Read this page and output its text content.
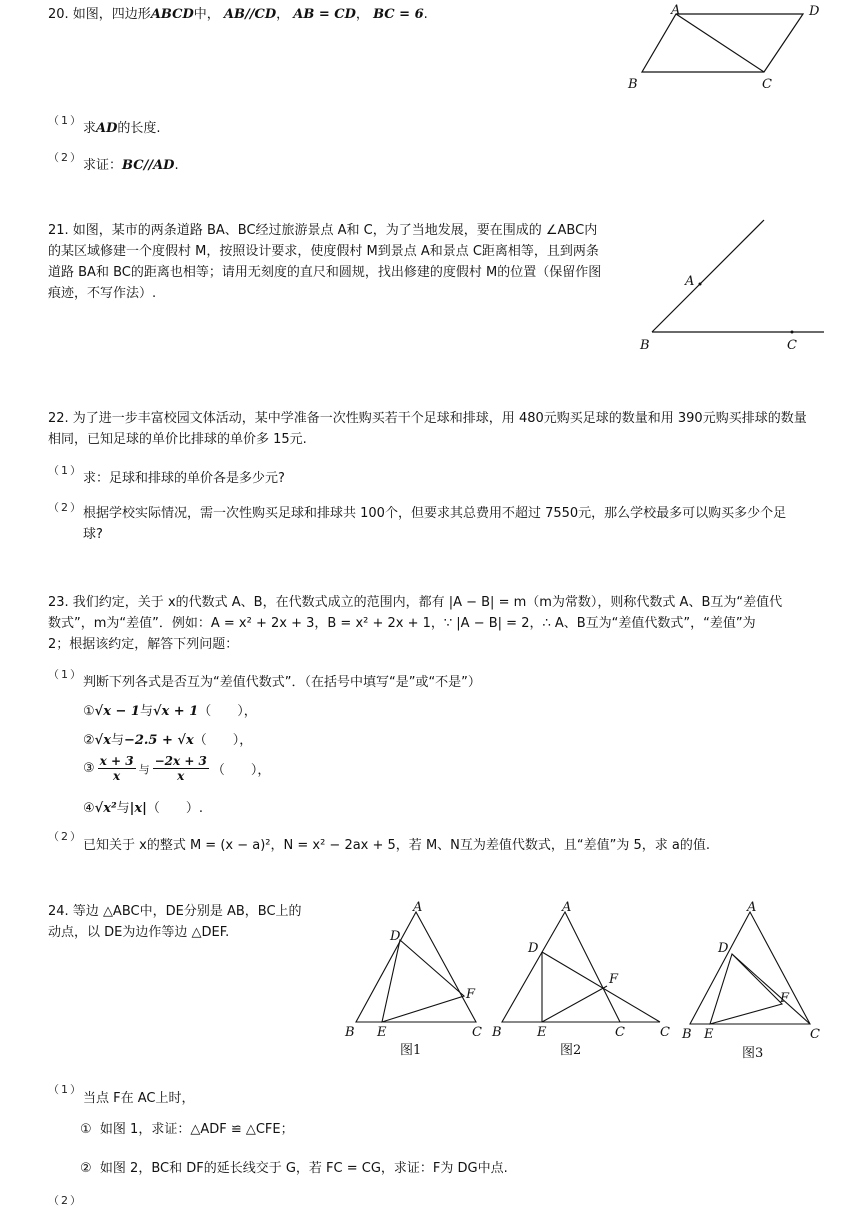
20. 如图，四边形ABCD中， AB//CD， AB = CD， BC = 6.	A	D
B	C
（1）
求AD的长度.
（2）
求证：BC//AD.
21. 如图，某市的两条道路 BA、BC经过旅游景点 A和 C，为了当地发展，要在围成的 ∠ABC内
的某区域修建一个度假村 M，按照设计要求，使度假村 M到景点 A和景点 C距离相等，且到两条
道路 BA和 BC的距离也相等；请用无刻度的直尺和圆规，找出修建的度假村 M的位置（保留作图
痕迹，不写作法）.
A
B	C
22. 为了进一步丰富校园文体活动，某中学准备一次性购买若干个足球和排球，用 480元购买足球的数量和用 390元购买排球的数量
相同，已知足球的单价比排球的单价多 15元.
（1）
求：足球和排球的单价各是多少元?
（2） 根据学校实际情况，需一次性购买足球和排球共 100个，但要求其总费用不超过 7550元，那么学校最多可以购买多少个足
球?
23. 我们约定，关于 x的代数式 A、B，在代数式成立的范围内，都有 |A − B| = m（m为常数），则称代数式 A、B互为“差值代
数式”，m为“差值”．例如：A = x² + 2x + 3，B = x² + 2x + 1，∵ |A − B| = 2，∴ A、B互为“差值代数式”，“差值”为
2；根据该约定，解答下列问题：
（1）
判断下列各式是否互为“差值代数式”．（在括号中填写“是”或“不是”）
①√x − 1与√x + 1（　　），
②√x与−2.5 + √x（　　），
③ x + 3
x 与
−2x + 3
x （　　），
④√x²与|x|（　　）.
（2）
已知关于 x的整式 M = (x − a)²，N = x² − 2ax + 5，若 M、N互为差值代数式，且“差值”为 5，求 a的值.
24. 等边 △ABC中，DE分别是 AB，BC上的
动点，以 DE为边作等边 △DEF.
A
D
F
B E	C
图1
A
D
F
B	E	C	C
图2
A
D
F
B E	C
图3
（1）
当点 F在 AC上时，
① 如图 1，求证：△ADF ≌ △CFE；
② 如图 2，BC和 DF的延长线交于 G，若 FC = CG，求证：F为 DG中点.
（2）
